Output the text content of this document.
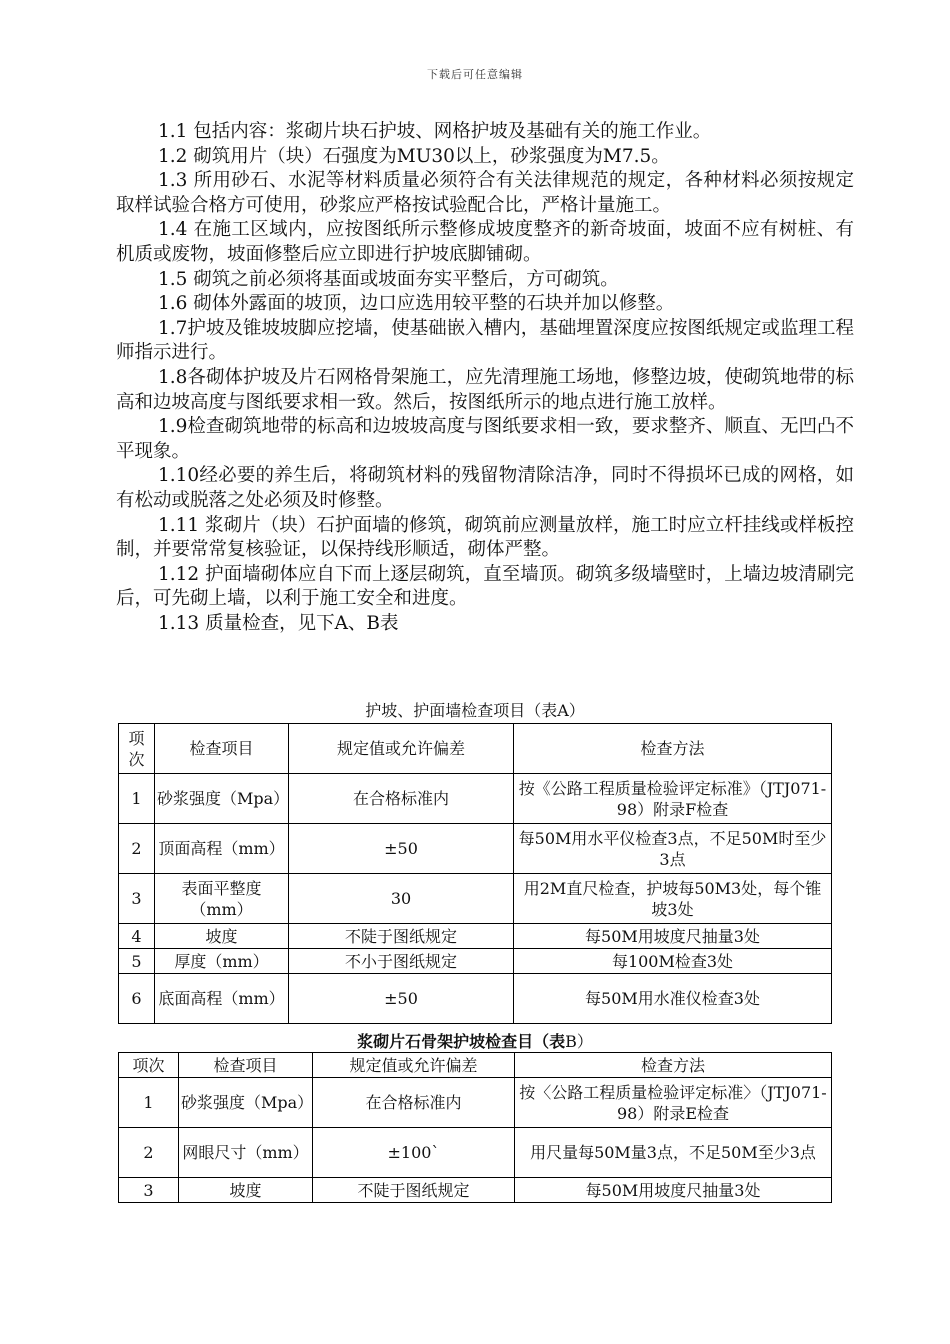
下载后可任意编辑

1.1 包括内容：浆砌片块石护坡、网格护坡及基础有关的施工作业。

1.2 砌筑用片（块）石强度为MU30以上，砂浆强度为M7.5。

1.3 所用砂石、水泥等材料质量必须符合有关法律规范的规定，各种材料必须按规定取样试验合格方可使用，砂浆应严格按试验配合比，严格计量施工。

1.4 在施工区域内，应按图纸所示整修成坡度整齐的新奇坡面，坡面不应有树桩、有机质或废物，坡面修整后应立即进行护坡底脚铺砌。

1.5 砌筑之前必须将基面或坡面夯实平整后，方可砌筑。

1.6 砌体外露面的坡顶，边口应选用较平整的石块并加以修整。

1.7护坡及锥坡坡脚应挖墙，使基础嵌入槽内，基础埋置深度应按图纸规定或监理工程师指示进行。

1.8各砌体护坡及片石网格骨架施工，应先清理施工场地，修整边坡，使砌筑地带的标高和边坡高度与图纸要求相一致。然后，按图纸所示的地点进行施工放样。

1.9检查砌筑地带的标高和边坡坡高度与图纸要求相一致，要求整齐、顺直、无凹凸不平现象。

1.10经必要的养生后，将砌筑材料的残留物清除洁净，同时不得损坏已成的网格，如有松动或脱落之处必须及时修整。

1.11 浆砌片（块）石护面墙的修筑，砌筑前应测量放样，施工时应立杆挂线或样板控制，并要常常复核验证，以保持线形顺适，砌体严整。

1.12 护面墙砌体应自下而上逐层砌筑，直至墙顶。砌筑多级墙壁时，上墙边坡清刷完后，可先砌上墙，以利于施工安全和进度。

1.13 质量检查，见下A、B表

护坡、护面墙检查项目（表A）
项次	检查项目	规定值或允许偏差	检查方法
1	砂浆强度（Mpa）	在合格标准内	按《公路工程质量检验评定标准》（JTJ071-98）附录F检查
2	顶面高程（mm）	±50	每50M用水平仪检查3点，不足50M时至少3点
3	表面平整度（mm）	30	用2M直尺检查，护坡每50M3处，每个锥坡3处
4	坡度	不陡于图纸规定	每50M用坡度尺抽量3处
5	厚度（mm）	不小于图纸规定	每100M检查3处
6	底面高程（mm）	±50	每50M用水准仪检查3处
浆砌片石骨架护坡检查目（表B）
项次	检查项目	规定值或允许偏差	检查方法
1	砂浆强度（Mpa）	在合格标准内	按〈公路工程质量检验评定标准〉（JTJ071-98）附录E检查
2	网眼尺寸（mm）	±100`	用尺量每50M量3点，不足50M至少3点
3	坡度	不陡于图纸规定	每50M用坡度尺抽量3处
